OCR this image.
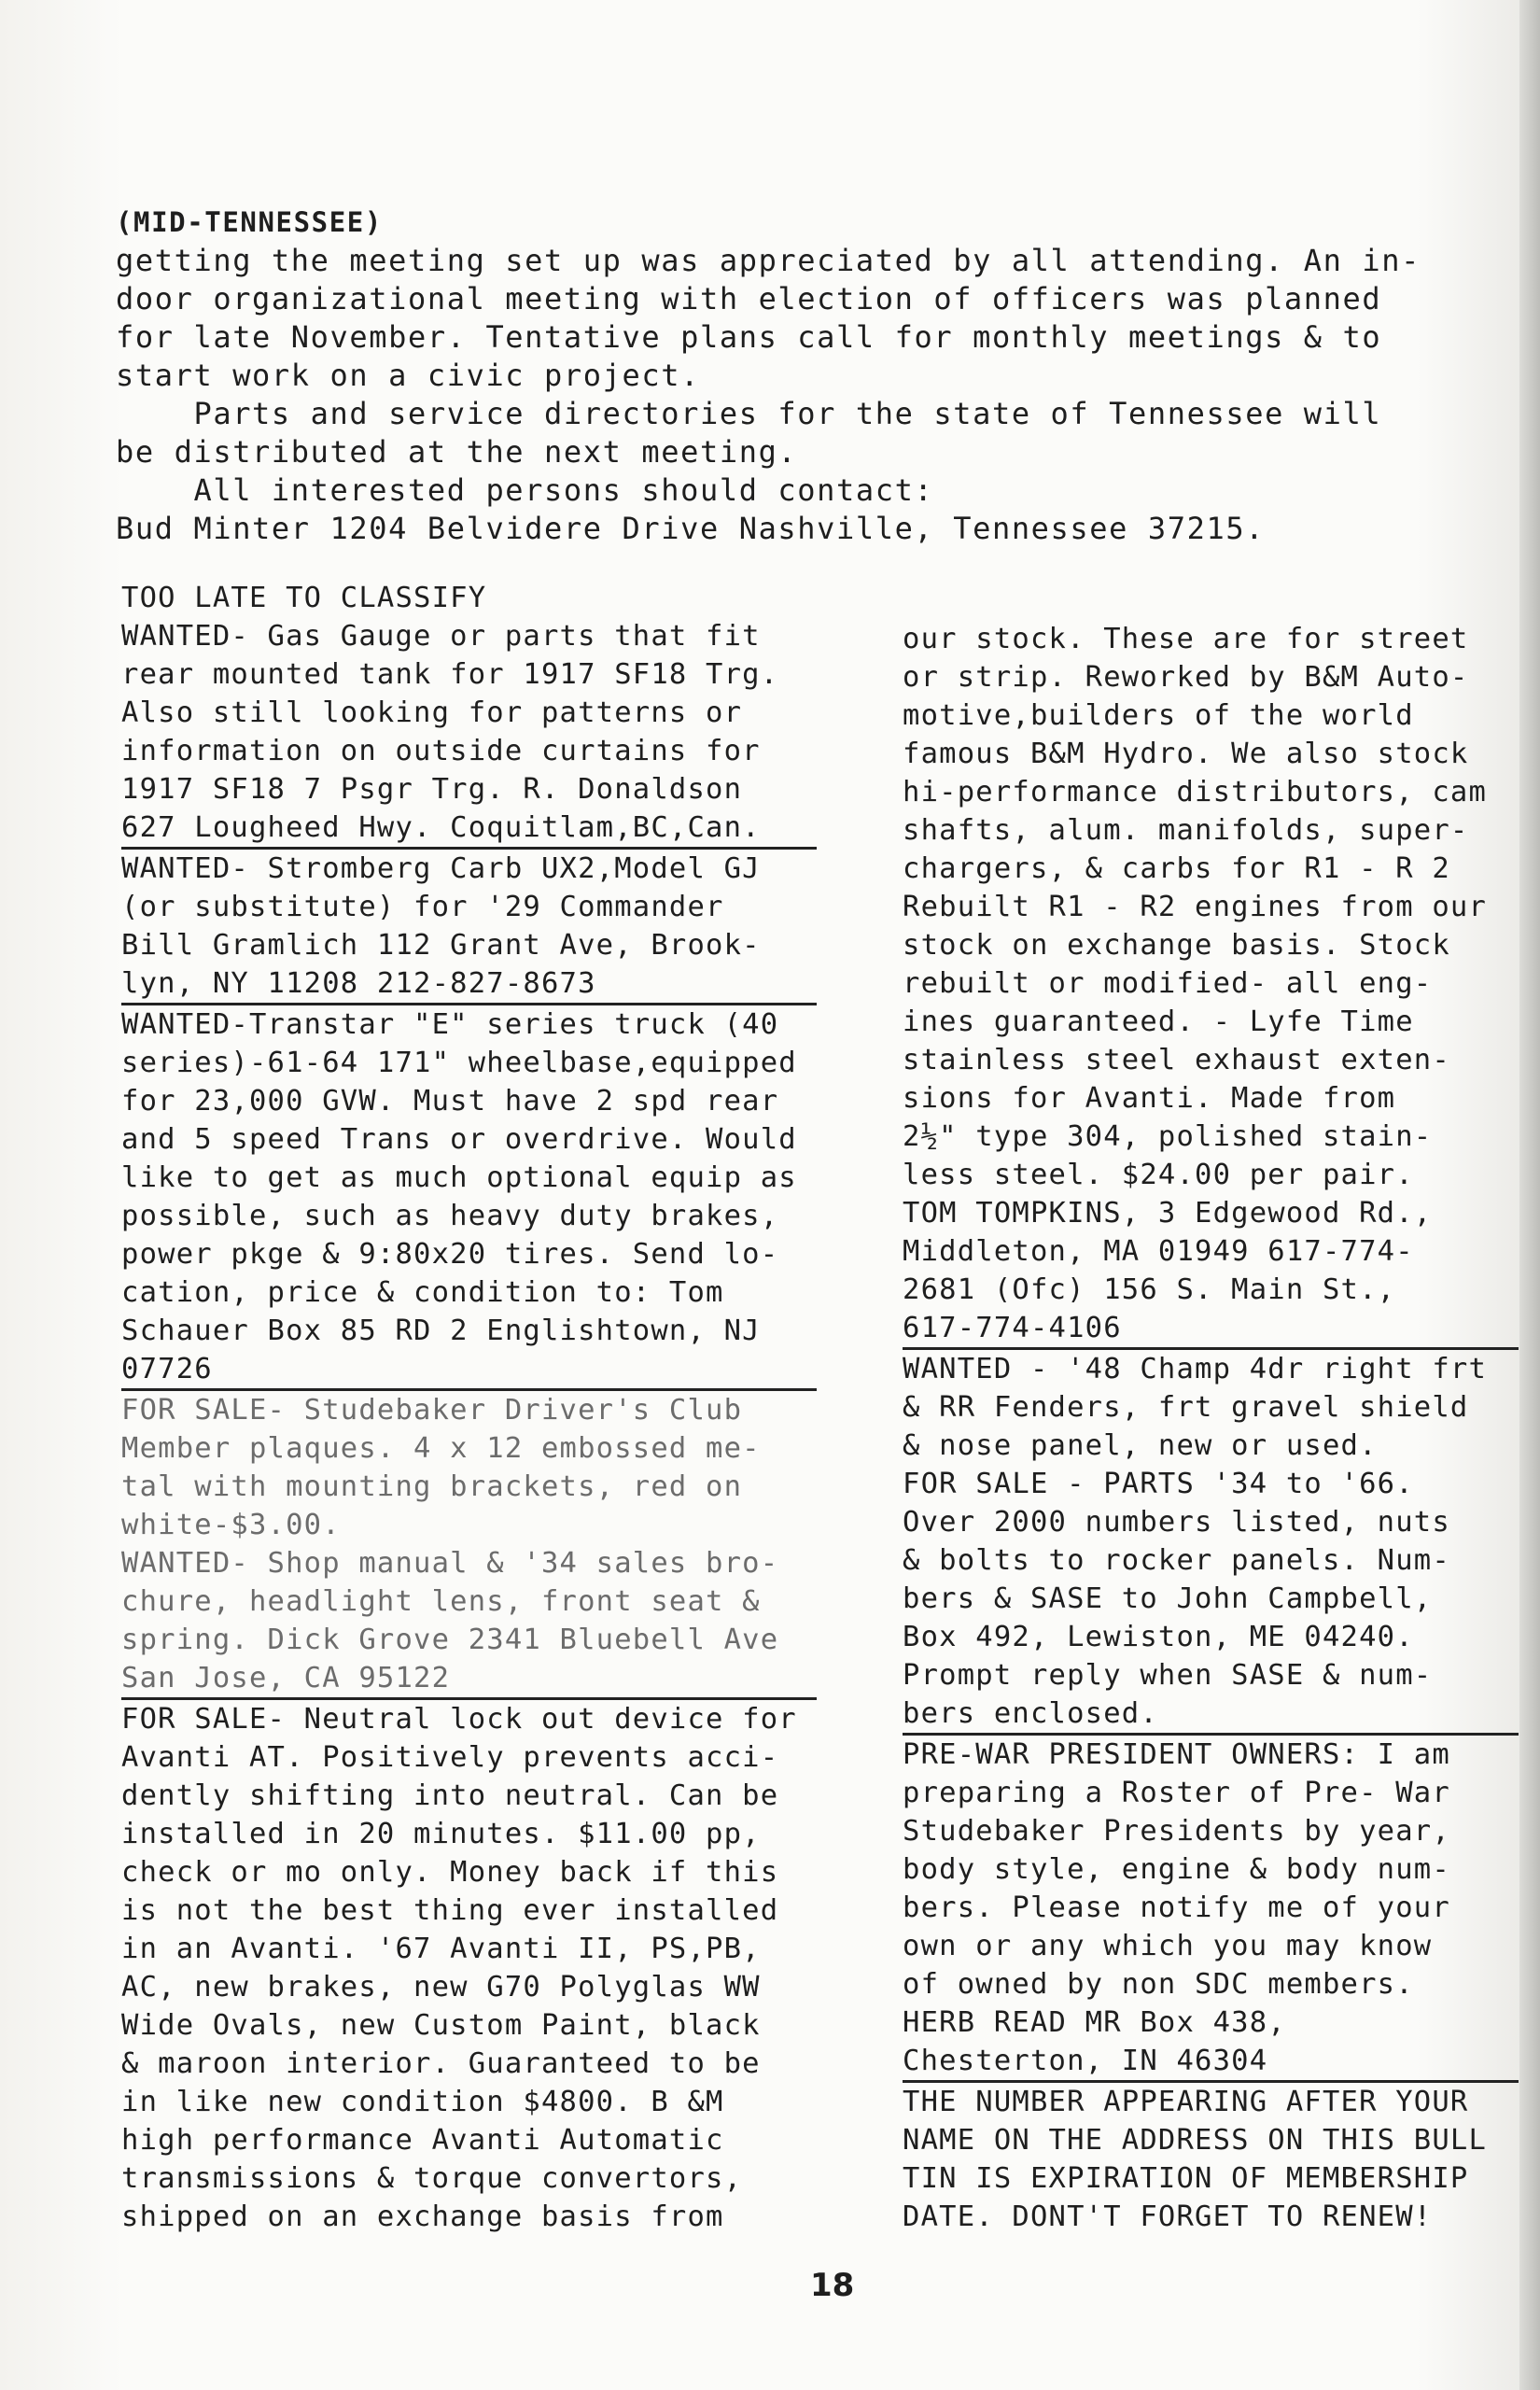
(MID-TENNESSEE)

getting the meeting set up was appreciated by all attending. An in-

door organizational meeting with election of officers was planned

for late November. Tentative plans call for monthly meetings & to

start work on a civic project.

Parts and service directories for the state of Tennessee will

be distributed at the next meeting.

All interested persons should contact:

Bud Minter 1204 Belvidere Drive Nashville, Tennessee 37215.

TOO LATE TO CLASSIFY
WANTED- Gas Gauge or parts that fit
rear mounted tank for 1917 SF18 Trg.
Also still looking for patterns or
information on outside curtains for
1917 SF18 7 Psgr Trg. R. Donaldson
627 Lougheed Hwy. Coquitlam,BC,Can.
WANTED- Stromberg Carb UX2,Model GJ
(or substitute) for '29 Commander
Bill Gramlich 112 Grant Ave, Brook-
lyn, NY 11208 212-827-8673
WANTED-Transtar "E" series truck (40
series)-61-64 171" wheelbase,equipped
for 23,000 GVW. Must have 2 spd rear
and 5 speed Trans or overdrive. Would
like to get as much optional equip as
possible, such as heavy duty brakes,
power pkge & 9:80x20 tires. Send lo-
cation, price & condition to: Tom
Schauer Box 85 RD 2 Englishtown, NJ
07726
FOR SALE- Studebaker Driver's Club
Member plaques. 4 x 12 embossed me-
tal with mounting brackets, red on
white-$3.00.
WANTED- Shop manual & '34 sales bro-
chure, headlight lens, front seat &
spring. Dick Grove 2341 Bluebell Ave
San Jose, CA 95122
FOR SALE- Neutral lock out device for
Avanti AT. Positively prevents acci-
dently shifting into neutral. Can be
installed in 20 minutes. $11.00 pp,
check or mo only. Money back if this
is not the best thing ever installed
in an Avanti. '67 Avanti II, PS,PB,
AC, new brakes, new G70 Polyglas WW
Wide Ovals, new Custom Paint, black
& maroon interior. Guaranteed to be
in like new condition $4800. B &M
high performance Avanti Automatic
transmissions & torque convertors,
shipped on an exchange basis from
our stock. These are for street
or strip. Reworked by B&M Auto-
motive,builders of the world
famous B&M Hydro. We also stock
hi-performance distributors, cam
shafts, alum. manifolds, super-
chargers, & carbs for R1 - R 2
Rebuilt R1 - R2 engines from our
stock on exchange basis. Stock
rebuilt or modified- all eng-
ines guaranteed. - Lyfe Time
stainless steel exhaust exten-
sions for Avanti. Made from
2½" type 304, polished stain-
less steel. $24.00 per pair.
TOM TOMPKINS, 3 Edgewood Rd.,
Middleton, MA 01949 617-774-
2681 (Ofc) 156 S. Main St.,
617-774-4106
WANTED - '48 Champ 4dr right frt
& RR Fenders, frt gravel shield
& nose panel, new or used.
FOR SALE - PARTS '34 to '66.
Over 2000 numbers listed, nuts
& bolts to rocker panels. Num-
bers & SASE to John Campbell,
Box 492, Lewiston, ME 04240.
Prompt reply when SASE & num-
bers enclosed.
PRE-WAR PRESIDENT OWNERS: I am
preparing a Roster of Pre- War
Studebaker Presidents by year,
body style, engine & body num-
bers. Please notify me of your
own or any which you may know
of owned by non SDC members.
HERB READ MR Box 438,
Chesterton, IN 46304
THE NUMBER APPEARING AFTER YOUR
NAME ON THE ADDRESS ON THIS BULL
TIN IS EXPIRATION OF MEMBERSHIP
DATE. DONT'T FORGET TO RENEW!
18
